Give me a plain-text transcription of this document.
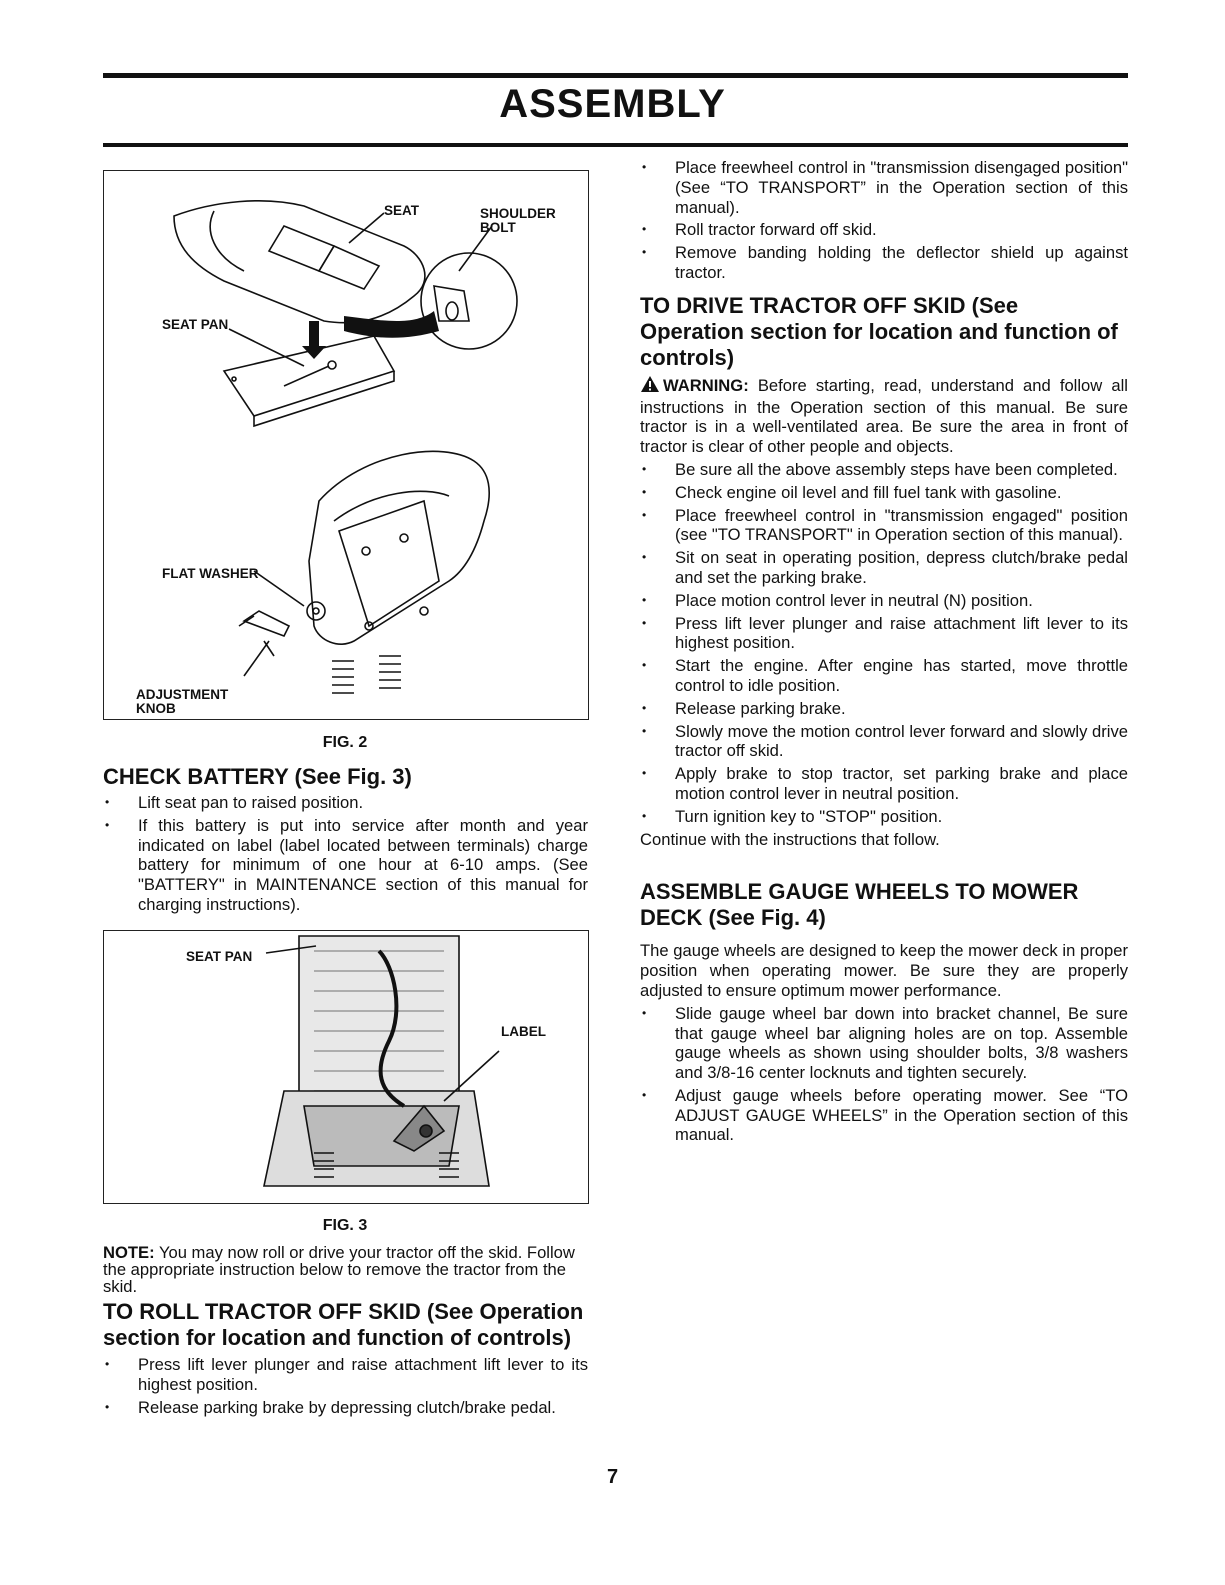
ASSEMBLY
SEAT	SHOULDER
BOLT
SEAT PAN
FLAT WASHER
ADJUSTMENT
KNOB
FIG. 2
CHECK BATTERY (See Fig. 3)
• Lift seat pan to raised position.
• If this battery is put into service after month and year indicated on label (label located between terminals) charge battery for minimum of one hour at 6-10 amps. (See "BATTERY" in MAINTENANCE section of this manual for charging instructions).
SEAT PAN
LABEL
FIG. 3

NOTE: You may now roll or drive your tractor off the skid. Follow the appropriate instruction below to remove the tractor from the skid.

TO ROLL TRACTOR OFF SKID (See Operation section for location and function of controls)
• Press lift lever plunger and raise attachment lift lever to its highest position.
• Release parking brake by depressing clutch/brake pedal.
• Place freewheel control in "transmission disengaged position" (See “TO TRANSPORT” in the Operation section of this manual).
• Roll tractor forward off skid.
• Remove banding holding the deflector shield up against tractor.
TO DRIVE TRACTOR OFF SKID (See Operation section for location and function of controls)

WARNING: Before starting, read, understand and follow all instructions in the Operation section of this manual. Be sure tractor is in a well-ventilated area. Be sure the area in front of tractor is clear of other people and objects.

• Be sure all the above assembly steps have been completed.
• Check engine oil level and fill fuel tank with gasoline.
• Place freewheel control in "transmission engaged" position (see "TO TRANSPORT" in Operation section of this manual).
• Sit on seat in operating position, depress clutch/brake pedal and set the parking brake.
• Place motion control lever in neutral (N) position.
• Press lift lever plunger and raise attachment lift lever to its highest position.
• Start the engine. After engine has started, move throttle control to idle position.
• Release parking brake.
• Slowly move the motion control lever forward and slowly drive tractor off skid.
• Apply brake to stop tractor, set parking brake and place motion control lever in neutral position.
• Turn ignition key to "STOP" position.

Continue with the instructions that follow.

ASSEMBLE GAUGE WHEELS TO MOWER DECK (See Fig. 4)

The gauge wheels are designed to keep the mower deck in proper position when operating mower. Be sure they are properly adjusted to ensure optimum mower performance.

• Slide gauge wheel bar down into bracket channel, Be sure that gauge wheel bar aligning holes are on top. Assemble gauge wheels as shown using shoulder bolts, 3/8 washers and 3/8-16 center locknuts and tighten securely.
• Adjust gauge wheels before operating mower. See “TO ADJUST GAUGE WHEELS” in the Operation section of this manual.
7
